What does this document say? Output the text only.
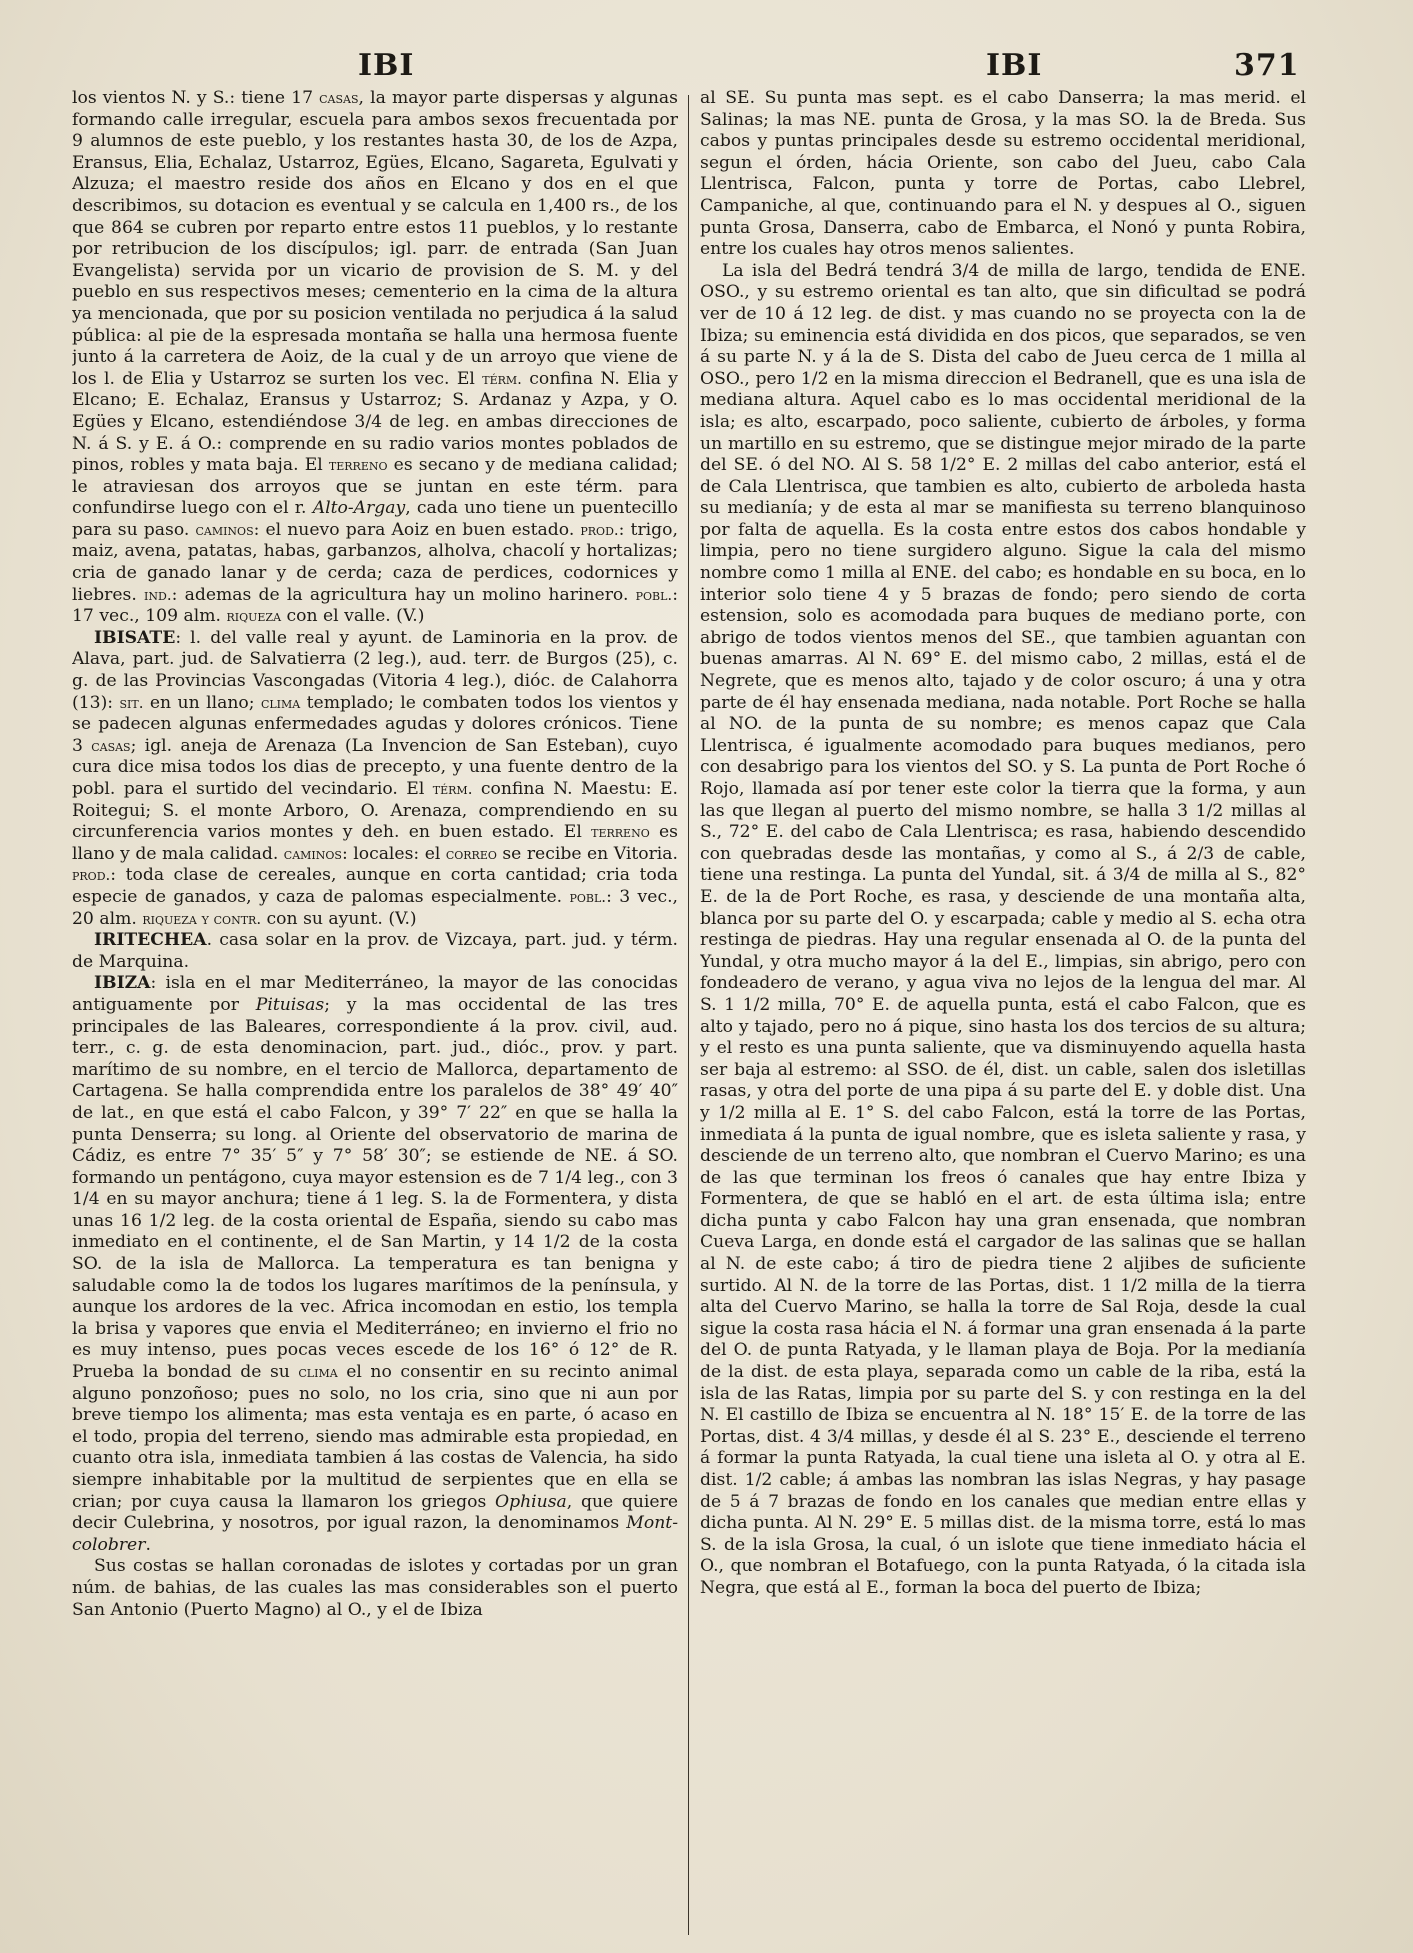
IBI	IBI	371

los vientos N. y S.: tiene 17 casas, la mayor parte dispersas y algunas formando calle irregular, escuela para ambos sexos frecuentada por 9 alumnos de este pueblo, y los restantes hasta 30, de los de Azpa, Eransus, Elia, Echalaz, Ustarroz, Egües, Elcano, Sagareta, Egulvati y Alzuza; el maestro reside dos años en Elcano y dos en el que describimos, su dotacion es eventual y se calcula en 1,400 rs., de los que 864 se cubren por reparto entre estos 11 pueblos, y lo restante por retribucion de los discípulos; igl. parr. de entrada (San Juan Evangelista) servida por un vicario de provision de S. M. y del pueblo en sus respectivos meses; cementerio en la cima de la altura ya mencionada, que por su posicion ventilada no perjudica á la salud pública: al pie de la espresada montaña se halla una hermosa fuente junto á la carretera de Aoiz, de la cual y de un arroyo que viene de los l. de Elia y Ustarroz se surten los vec. El térm. confina N. Elia y Elcano; E. Echalaz, Eransus y Ustarroz; S. Ardanaz y Azpa, y O. Egües y Elcano, estendiéndose 3/4 de leg. en ambas direcciones de N. á S. y E. á O.: comprende en su radio varios montes poblados de pinos, robles y mata baja. El terreno es secano y de mediana calidad; le atraviesan dos arroyos que se juntan en este térm. para confundirse luego con el r. Alto-Argay, cada uno tiene un puentecillo para su paso. caminos: el nuevo para Aoiz en buen estado. prod.: trigo, maiz, avena, patatas, habas, garbanzos, alholva, chacolí y hortalizas; cria de ganado lanar y de cerda; caza de perdices, codornices y liebres. ind.: ademas de la agricultura hay un molino harinero. pobl.: 17 vec., 109 alm. riqueza con el valle. (V.)

IBISATE: l. del valle real y ayunt. de Laminoria en la prov. de Alava, part. jud. de Salvatierra (2 leg.), aud. terr. de Burgos (25), c. g. de las Provincias Vascongadas (Vitoria 4 leg.), dióc. de Calahorra (13): sit. en un llano; clima templado; le combaten todos los vientos y se padecen algunas enfermedades agudas y dolores crónicos. Tiene 3 casas; igl. aneja de Arenaza (La Invencion de San Esteban), cuyo cura dice misa todos los dias de precepto, y una fuente dentro de la pobl. para el surtido del vecindario. El térm. confina N. Maestu: E. Roitegui; S. el monte Arboro, O. Arenaza, comprendiendo en su circunferencia varios montes y deh. en buen estado. El terreno es llano y de mala calidad. caminos: locales: el correo se recibe en Vitoria. prod.: toda clase de cereales, aunque en corta cantidad; cria toda especie de ganados, y caza de palomas especialmente. pobl.: 3 vec., 20 alm. riqueza y contr. con su ayunt. (V.)

IRITECHEA. casa solar en la prov. de Vizcaya, part. jud. y térm. de Marquina.

IBIZA: isla en el mar Mediterráneo, la mayor de las conocidas antiguamente por Pituisas; y la mas occidental de las tres principales de las Baleares, correspondiente á la prov. civil, aud. terr., c. g. de esta denominacion, part. jud., dióc., prov. y part. marítimo de su nombre, en el tercio de Mallorca, departamento de Cartagena. Se halla comprendida entre los paralelos de 38° 49′ 40″ de lat., en que está el cabo Falcon, y 39° 7′ 22″ en que se halla la punta Denserra; su long. al Oriente del observatorio de marina de Cádiz, es entre 7° 35′ 5″ y 7° 58′ 30″; se estiende de NE. á SO. formando un pentágono, cuya mayor estension es de 7 1/4 leg., con 3 1/4 en su mayor anchura; tiene á 1 leg. S. la de Formentera, y dista unas 16 1/2 leg. de la costa oriental de España, siendo su cabo mas inmediato en el continente, el de San Martin, y 14 1/2 de la costa SO. de la isla de Mallorca. La temperatura es tan benigna y saludable como la de todos los lugares marítimos de la península, y aunque los ardores de la vec. Africa incomodan en estio, los templa la brisa y vapores que envia el Mediterráneo; en invierno el frio no es muy intenso, pues pocas veces escede de los 16° ó 12° de R. Prueba la bondad de su clima el no consentir en su recinto animal alguno ponzoñoso; pues no solo, no los cria, sino que ni aun por breve tiempo los alimenta; mas esta ventaja es en parte, ó acaso en el todo, propia del terreno, siendo mas admirable esta propiedad, en cuanto otra isla, inmediata tambien á las costas de Valencia, ha sido siempre inhabitable por la multitud de serpientes que en ella se crian; por cuya causa la llamaron los griegos Ophiusa, que quiere decir Culebrina, y nosotros, por igual razon, la denominamos Mont-colobrer.

Sus costas se hallan coronadas de islotes y cortadas por un gran núm. de bahias, de las cuales las mas considerables son el puerto San Antonio (Puerto Magno) al O., y el de Ibiza

al SE. Su punta mas sept. es el cabo Danserra; la mas merid. el Salinas; la mas NE. punta de Grosa, y la mas SO. la de Breda. Sus cabos y puntas principales desde su estremo occidental meridional, segun el órden, hácia Oriente, son cabo del Jueu, cabo Cala Llentrisca, Falcon, punta y torre de Portas, cabo Llebrel, Campaniche, al que, continuando para el N. y despues al O., siguen punta Grosa, Danserra, cabo de Embarca, el Nonó y punta Robira, entre los cuales hay otros menos salientes.

La isla del Bedrá tendrá 3/4 de milla de largo, tendida de ENE. OSO., y su estremo oriental es tan alto, que sin dificultad se podrá ver de 10 á 12 leg. de dist. y mas cuando no se proyecta con la de Ibiza; su eminencia está dividida en dos picos, que separados, se ven á su parte N. y á la de S. Dista del cabo de Jueu cerca de 1 milla al OSO., pero 1/2 en la misma direccion el Bedranell, que es una isla de mediana altura. Aquel cabo es lo mas occidental meridional de la isla; es alto, escarpado, poco saliente, cubierto de árboles, y forma un martillo en su estremo, que se distingue mejor mirado de la parte del SE. ó del NO. Al S. 58 1/2° E. 2 millas del cabo anterior, está el de Cala Llentrisca, que tambien es alto, cubierto de arboleda hasta su medianía; y de esta al mar se manifiesta su terreno blanquinoso por falta de aquella. Es la costa entre estos dos cabos hondable y limpia, pero no tiene surgidero alguno. Sigue la cala del mismo nombre como 1 milla al ENE. del cabo; es hondable en su boca, en lo interior solo tiene 4 y 5 brazas de fondo; pero siendo de corta estension, solo es acomodada para buques de mediano porte, con abrigo de todos vientos menos del SE., que tambien aguantan con buenas amarras. Al N. 69° E. del mismo cabo, 2 millas, está el de Negrete, que es menos alto, tajado y de color oscuro; á una y otra parte de él hay ensenada mediana, nada notable. Port Roche se halla al NO. de la punta de su nombre; es menos capaz que Cala Llentrisca, é igualmente acomodado para buques medianos, pero con desabrigo para los vientos del SO. y S. La punta de Port Roche ó Rojo, llamada así por tener este color la tierra que la forma, y aun las que llegan al puerto del mismo nombre, se halla 3 1/2 millas al S., 72° E. del cabo de Cala Llentrisca; es rasa, habiendo descendido con quebradas desde las montañas, y como al S., á 2/3 de cable, tiene una restinga. La punta del Yundal, sit. á 3/4 de milla al S., 82° E. de la de Port Roche, es rasa, y desciende de una montaña alta, blanca por su parte del O. y escarpada; cable y medio al S. echa otra restinga de piedras. Hay una regular ensenada al O. de la punta del Yundal, y otra mucho mayor á la del E., limpias, sin abrigo, pero con fondeadero de verano, y agua viva no lejos de la lengua del mar. Al S. 1 1/2 milla, 70° E. de aquella punta, está el cabo Falcon, que es alto y tajado, pero no á pique, sino hasta los dos tercios de su altura; y el resto es una punta saliente, que va disminuyendo aquella hasta ser baja al estremo: al SSO. de él, dist. un cable, salen dos isletillas rasas, y otra del porte de una pipa á su parte del E. y doble dist. Una y 1/2 milla al E. 1° S. del cabo Falcon, está la torre de las Portas, inmediata á la punta de igual nombre, que es isleta saliente y rasa, y desciende de un terreno alto, que nombran el Cuervo Marino; es una de las que terminan los freos ó canales que hay entre Ibiza y Formentera, de que se habló en el art. de esta última isla; entre dicha punta y cabo Falcon hay una gran ensenada, que nombran Cueva Larga, en donde está el cargador de las salinas que se hallan al N. de este cabo; á tiro de piedra tiene 2 aljibes de suficiente surtido. Al N. de la torre de las Portas, dist. 1 1/2 milla de la tierra alta del Cuervo Marino, se halla la torre de Sal Roja, desde la cual sigue la costa rasa hácia el N. á formar una gran ensenada á la parte del O. de punta Ratyada, y le llaman playa de Boja. Por la medianía de la dist. de esta playa, separada como un cable de la riba, está la isla de las Ratas, limpia por su parte del S. y con restinga en la del N. El castillo de Ibiza se encuentra al N. 18° 15′ E. de la torre de las Portas, dist. 4 3/4 millas, y desde él al S. 23° E., desciende el terreno á formar la punta Ratyada, la cual tiene una isleta al O. y otra al E. dist. 1/2 cable; á ambas las nombran las islas Negras, y hay pasage de 5 á 7 brazas de fondo en los canales que median entre ellas y dicha punta. Al N. 29° E. 5 millas dist. de la misma torre, está lo mas S. de la isla Grosa, la cual, ó un islote que tiene inmediato hácia el O., que nombran el Botafuego, con la punta Ratyada, ó la citada isla Negra, que está al E., forman la boca del puerto de Ibiza;
